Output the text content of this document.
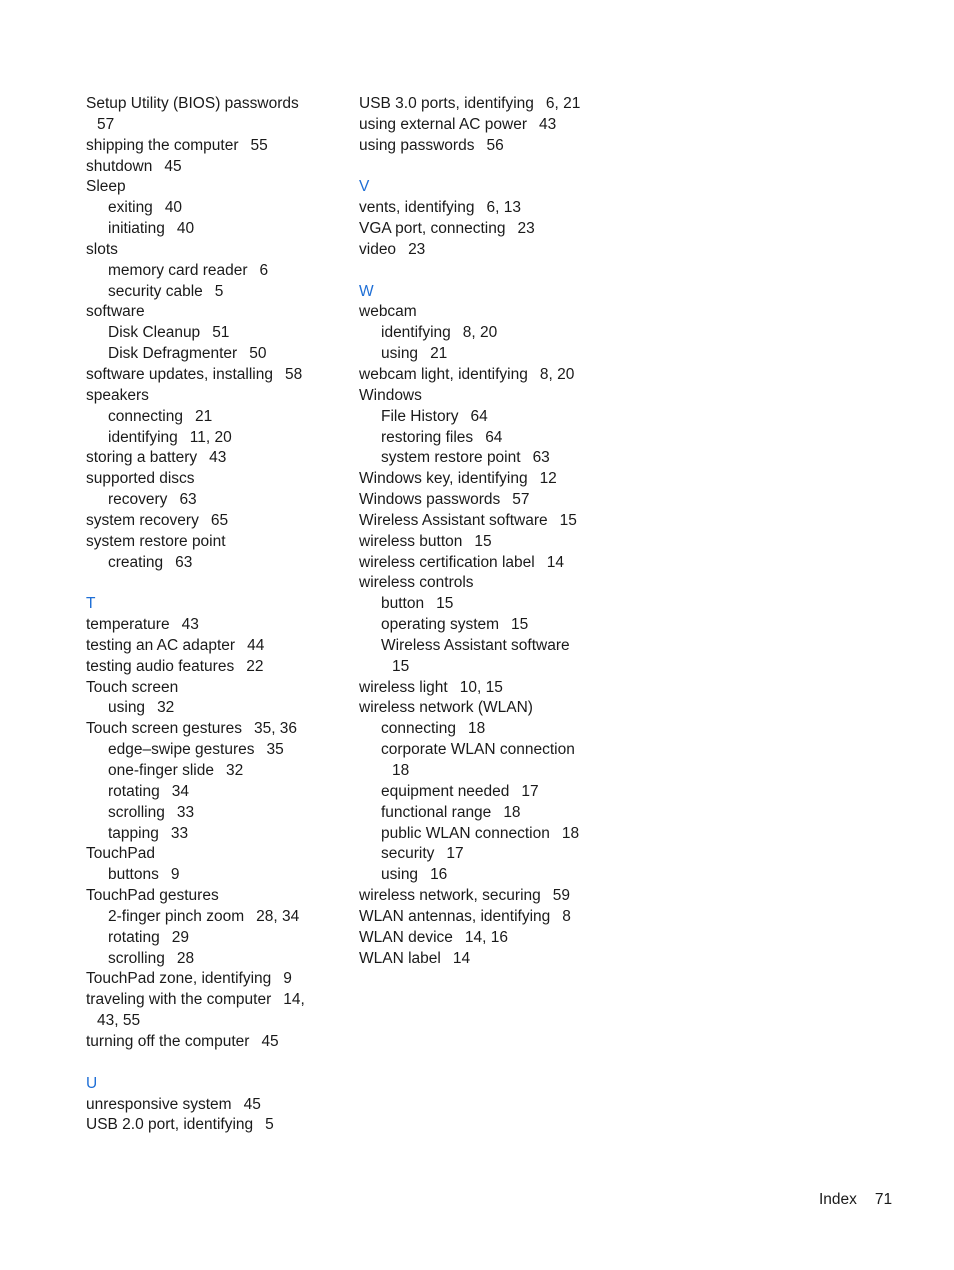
Setup Utility (BIOS) passwords
57
shipping the computer 55
shutdown 45
Sleep
exiting 40
initiating 40
slots
memory card reader 6
security cable 5
software
Disk Cleanup 51
Disk Defragmenter 50
software updates, installing 58
speakers
connecting 21
identifying 11, 20
storing a battery 43
supported discs
recovery 63
system recovery 65
system restore point
creating 63
T
temperature 43
testing an AC adapter 44
testing audio features 22
Touch screen
using 32
Touch screen gestures 35, 36
edge–swipe gestures 35
one-finger slide 32
rotating 34
scrolling 33
tapping 33
TouchPad
buttons 9
TouchPad gestures
2-finger pinch zoom 28, 34
rotating 29
scrolling 28
TouchPad zone, identifying 9
traveling with the computer 14,
43, 55
turning off the computer 45
U
unresponsive system 45
USB 2.0 port, identifying 5
USB 3.0 ports, identifying 6, 21
using external AC power 43
using passwords 56
V
vents, identifying 6, 13
VGA port, connecting 23
video 23
W
webcam
identifying 8, 20
using 21
webcam light, identifying 8, 20
Windows
File History 64
restoring files 64
system restore point 63
Windows key, identifying 12
Windows passwords 57
Wireless Assistant software 15
wireless button 15
wireless certification label 14
wireless controls
button 15
operating system 15
Wireless Assistant software
15
wireless light 10, 15
wireless network (WLAN)
connecting 18
corporate WLAN connection
18
equipment needed 17
functional range 18
public WLAN connection 18
security 17
using 16
wireless network, securing 59
WLAN antennas, identifying 8
WLAN device 14, 16
WLAN label 14
Index 71
